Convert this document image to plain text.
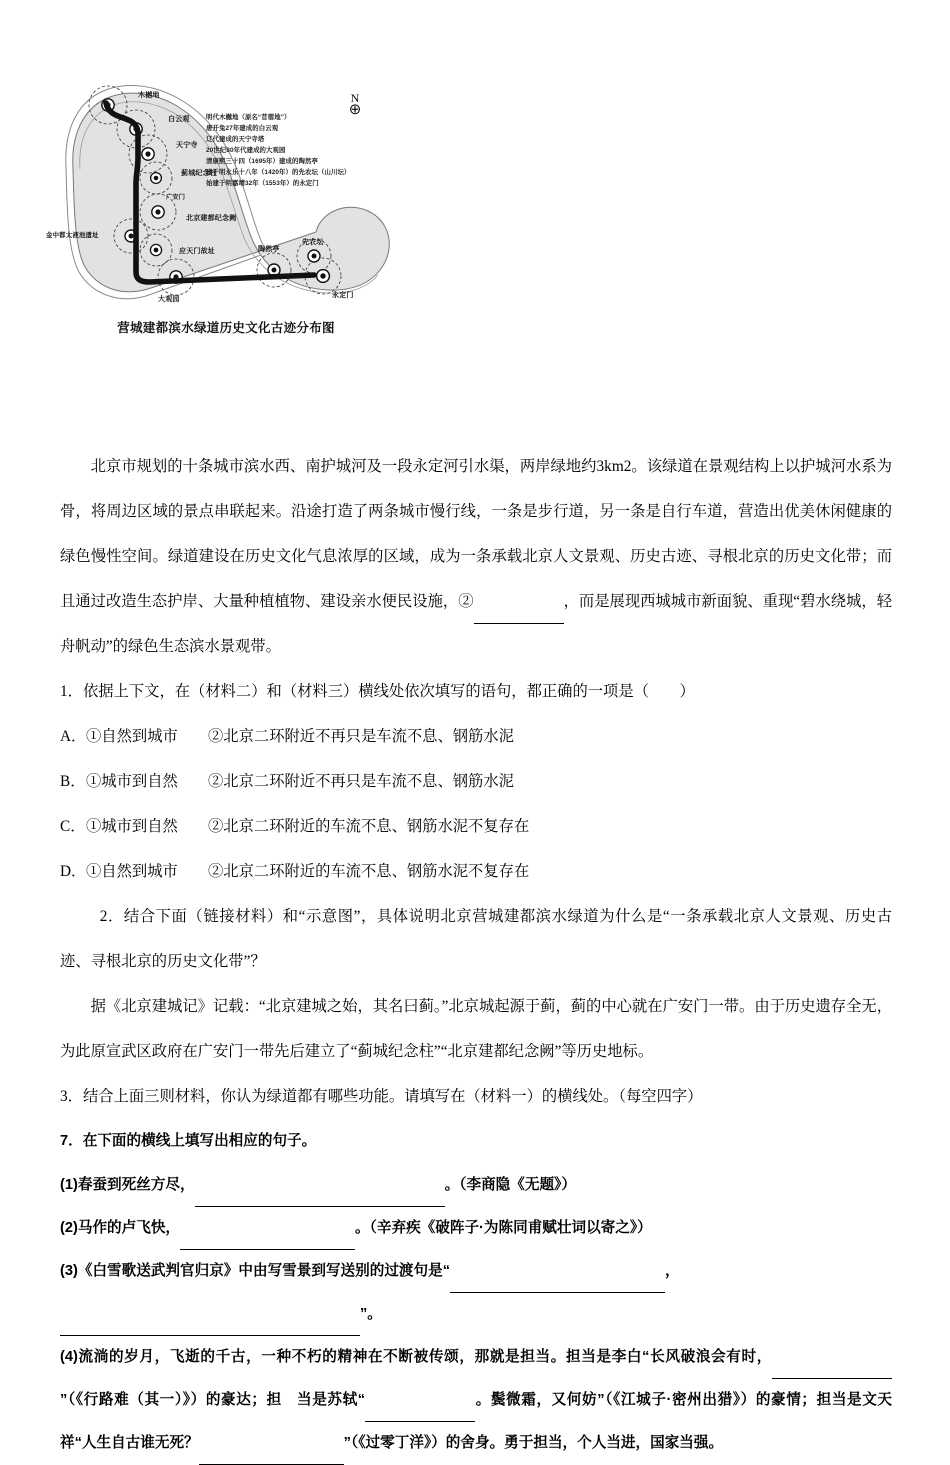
木樾地
白云观
天宁寺
蓟城纪念柱
广安门
北京建都纪念阙
金中都太液池遗址
应天门故址	陶然亭
先农坛
大观园	永定门
N
⊕
明代木樾地（原名“苜蓿地”）
唐开兔27年建成的白云观
辽代建成的天宁寺塔
20世纪80年代建成的大观园
清康熙三十四（1695年）建成的陶然亭
建于明永乐十八年（1420年）的先农坛（山川坛）
始建于明嘉靖32年（1553年）的永定门
营城建都滨水绿道历史文化古迹分布图

北京市规划的十条城市滨水西、南护城河及一段永定河引水渠，两岸绿地约3km2。该绿道在景观结构上以护城河水系为骨，将周边区域的景点串联起来。沿途打造了两条城市慢行线，一条是步行道，另一条是自行车道，营造出优美休闲健康的绿色慢性空间。绿道建设在历史文化气息浓厚的区域，成为一条承载北京人文景观、历史古迹、寻根北京的历史文化带；而且通过改造生态护岸、大量种植植物、建设亲水便民设施，②	，而是展现西城城市新面貌、重现“碧水绕城，轻舟帆动”的绿色生态滨水景观带。

1．依据上下文，在（材料二）和（材料三）横线处依次填写的语句，都正确的一项是（　　）
A．①自然到城市 ②北京二环附近不再只是车流不息、钢筋水泥
B．①城市到自然 ②北京二环附近不再只是车流不息、钢筋水泥
C．①城市到自然 ②北京二环附近的车流不息、钢筋水泥不复存在
D．①自然到城市 ②北京二环附近的车流不息、钢筋水泥不复存在

2．结合下面（链接材料）和“示意图”，具体说明北京营城建都滨水绿道为什么是“一条承载北京人文景观、历史古迹、寻根北京的历史文化带”？

据《北京建城记》记载：“北京建城之始，其名曰蓟。”北京城起源于蓟，蓟的中心就在广安门一带。由于历史遗存全无，为此原宣武区政府在广安门一带先后建立了“蓟城纪念柱”“北京建都纪念阙”等历史地标。

3．结合上面三则材料，你认为绿道都有哪些功能。请填写在（材料一）的横线处。（每空四字）

7．在下面的横线上填写出相应的句子。
(1)春蚕到死丝方尽，	。（李商隐《无题》）
(2)马作的卢飞快，	。（辛弃疾《破阵子·为陈同甫赋壮词以寄之》）
(3)《白雪歌送武判官归京》中由写雪景到写送别的过渡句是“	，
”。

(4)流淌的岁月，飞逝的千古，一种不朽的精神在不断被传颂，那就是担当。担当是李白“长风破浪会有时，”（《行路难（其一）》）的豪达；担　当是苏轼“	。鬓微霜，又何妨”（《江城子·密州出猎》）的豪情；担当是文天祥“人生自古谁无死？	”（《过零丁洋》）的舍身。勇于担当，个人当进，国家当强。
